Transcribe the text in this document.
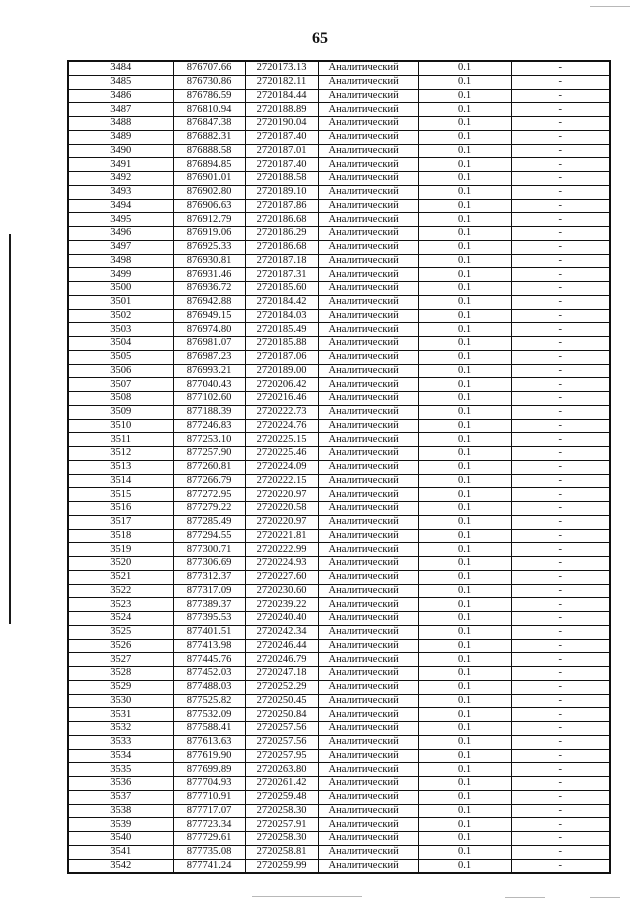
65
3484	876707.66	2720173.13	Аналитический	0.1	-
3485	876730.86	2720182.11	Аналитический	0.1	-
3486	876786.59	2720184.44	Аналитический	0.1	-
3487	876810.94	2720188.89	Аналитический	0.1	-
3488	876847.38	2720190.04	Аналитический	0.1	-
3489	876882.31	2720187.40	Аналитический	0.1	-
3490	876888.58	2720187.01	Аналитический	0.1	-
3491	876894.85	2720187.40	Аналитический	0.1	-
3492	876901.01	2720188.58	Аналитический	0.1	-
3493	876902.80	2720189.10	Аналитический	0.1	-
3494	876906.63	2720187.86	Аналитический	0.1	-
3495	876912.79	2720186.68	Аналитический	0.1	-
3496	876919.06	2720186.29	Аналитический	0.1	-
3497	876925.33	2720186.68	Аналитический	0.1	-
3498	876930.81	2720187.18	Аналитический	0.1	-
3499	876931.46	2720187.31	Аналитический	0.1	-
3500	876936.72	2720185.60	Аналитический	0.1	-
3501	876942.88	2720184.42	Аналитический	0.1	-
3502	876949.15	2720184.03	Аналитический	0.1	-
3503	876974.80	2720185.49	Аналитический	0.1	-
3504	876981.07	2720185.88	Аналитический	0.1	-
3505	876987.23	2720187.06	Аналитический	0.1	-
3506	876993.21	2720189.00	Аналитический	0.1	-
3507	877040.43	2720206.42	Аналитический	0.1	-
3508	877102.60	2720216.46	Аналитический	0.1	-
3509	877188.39	2720222.73	Аналитический	0.1	-
3510	877246.83	2720224.76	Аналитический	0.1	-
3511	877253.10	2720225.15	Аналитический	0.1	-
3512	877257.90	2720225.46	Аналитический	0.1	-
3513	877260.81	2720224.09	Аналитический	0.1	-
3514	877266.79	2720222.15	Аналитический	0.1	-
3515	877272.95	2720220.97	Аналитический	0.1	-
3516	877279.22	2720220.58	Аналитический	0.1	-
3517	877285.49	2720220.97	Аналитический	0.1	-
3518	877294.55	2720221.81	Аналитический	0.1	-
3519	877300.71	2720222.99	Аналитический	0.1	-
3520	877306.69	2720224.93	Аналитический	0.1	-
3521	877312.37	2720227.60	Аналитический	0.1	-
3522	877317.09	2720230.60	Аналитический	0.1	-
3523	877389.37	2720239.22	Аналитический	0.1	-
3524	877395.53	2720240.40	Аналитический	0.1	-
3525	877401.51	2720242.34	Аналитический	0.1	-
3526	877413.98	2720246.44	Аналитический	0.1	-
3527	877445.76	2720246.79	Аналитический	0.1	-
3528	877452.03	2720247.18	Аналитический	0.1	-
3529	877488.03	2720252.29	Аналитический	0.1	-
3530	877525.82	2720250.45	Аналитический	0.1	-
3531	877532.09	2720250.84	Аналитический	0.1	-
3532	877588.41	2720257.56	Аналитический	0.1	-
3533	877613.63	2720257.56	Аналитический	0.1	-
3534	877619.90	2720257.95	Аналитический	0.1	-
3535	877699.89	2720263.80	Аналитический	0.1	-
3536	877704.93	2720261.42	Аналитический	0.1	-
3537	877710.91	2720259.48	Аналитический	0.1	-
3538	877717.07	2720258.30	Аналитический	0.1	-
3539	877723.34	2720257.91	Аналитический	0.1	-
3540	877729.61	2720258.30	Аналитический	0.1	-
3541	877735.08	2720258.81	Аналитический	0.1	-
3542	877741.24	2720259.99	Аналитический	0.1	-
